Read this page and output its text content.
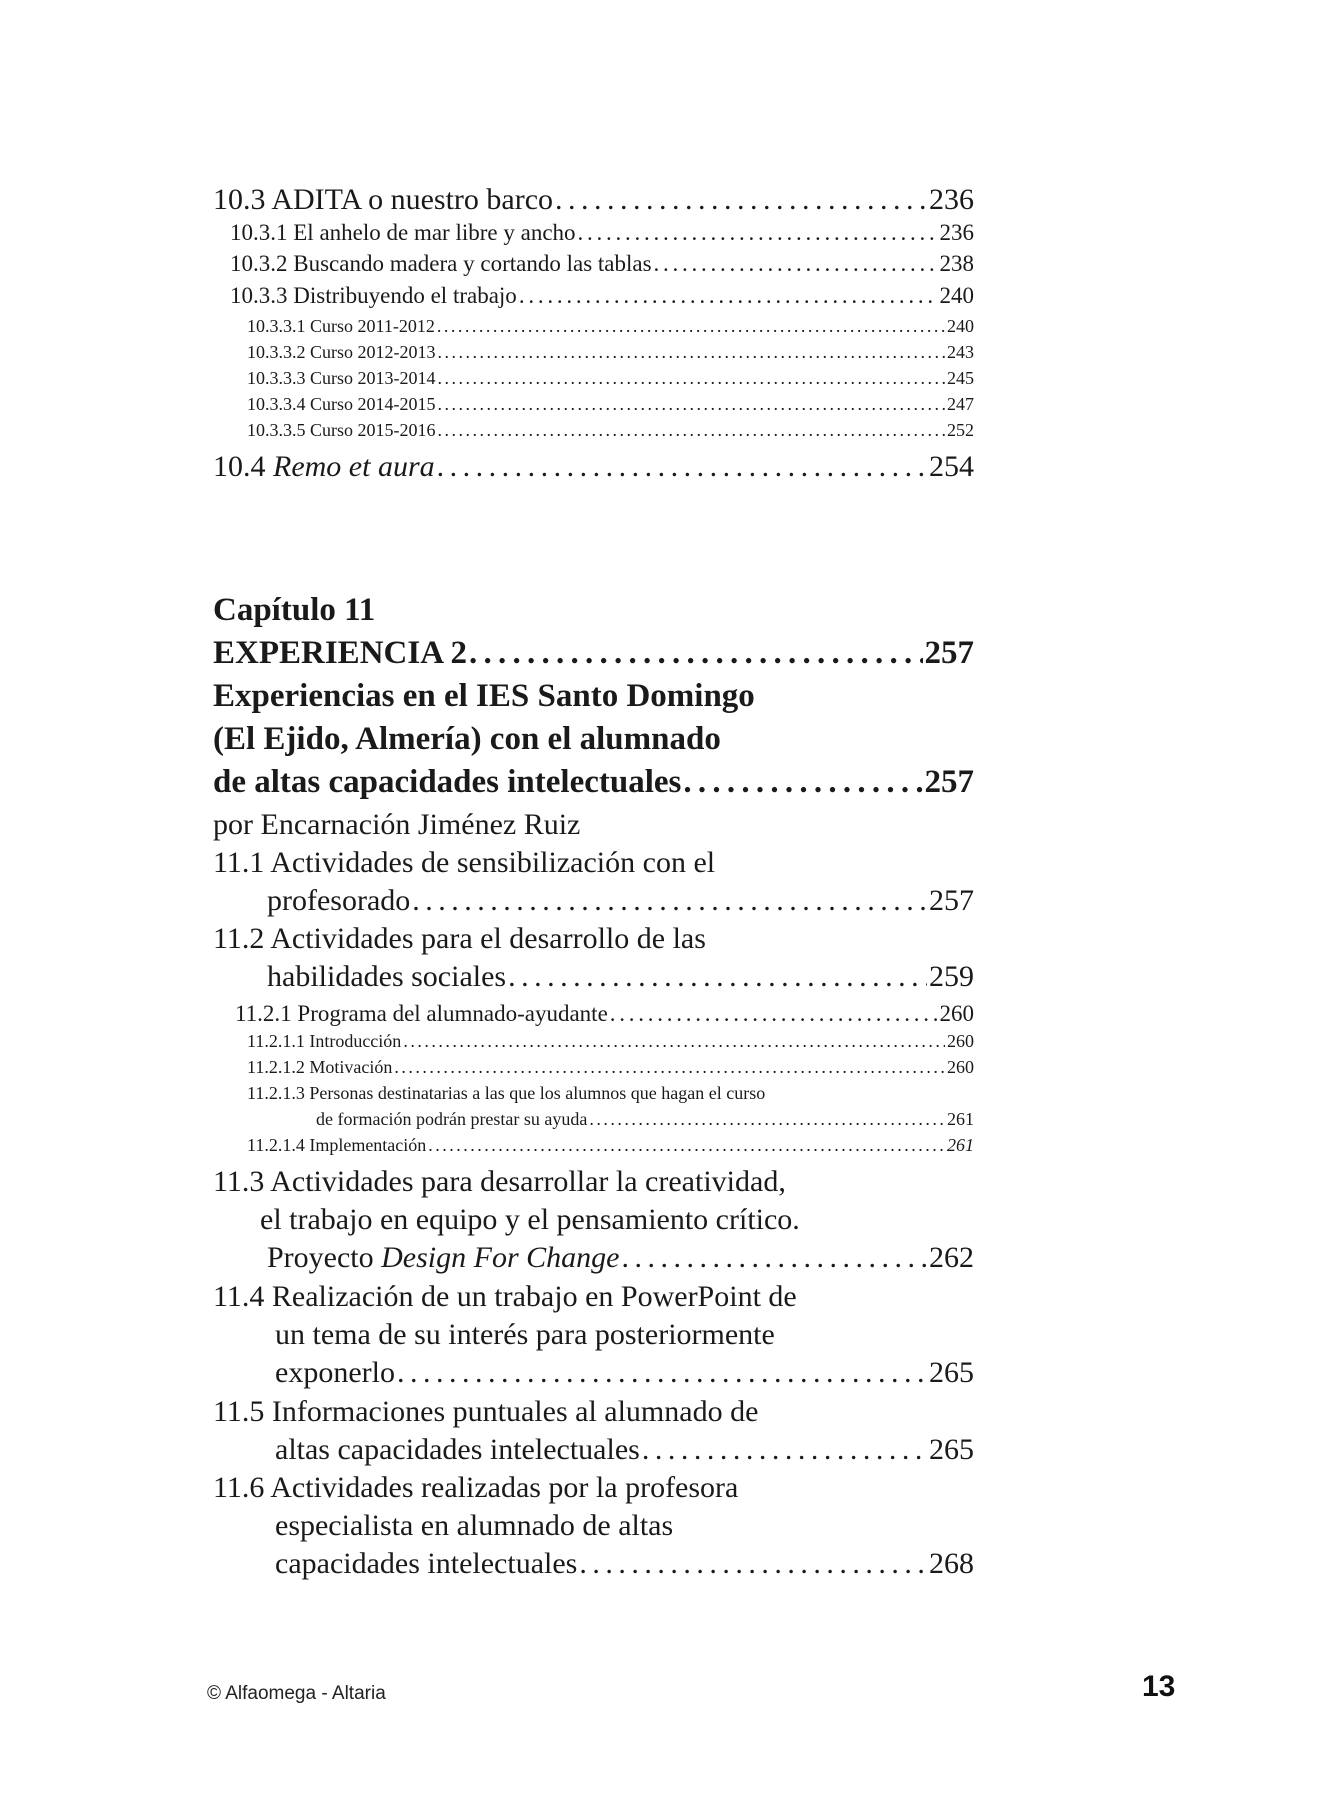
10.3 ADITA o nuestro barco . . .	236
10.3.1 El anhelo de mar libre y ancho . . .	236
10.3.2 Buscando madera y cortando las tablas . . .	238
10.3.3 Distribuyendo el trabajo . . .	240
10.3.3.1 Curso 2011-2012 . . .	240
10.3.3.2 Curso 2012-2013 . . .	243
10.3.3.3 Curso 2013-2014 . . .	245
10.3.3.4 Curso 2014-2015 . . .	247
10.3.3.5 Curso 2015-2016 . . .	252
10.4 Remo et aura . . .	254
Capítulo 11
EXPERIENCIA 2 . . .	257
Experiencias en el IES Santo Domingo
(El Ejido, Almería) con el alumnado
de altas capacidades intelectuales . . .	257
por Encarnación Jiménez Ruiz
11.1 Actividades de sensibilización con el
profesorado . . .	257
11.2 Actividades para el desarrollo de las
habilidades sociales . . .	259
11.2.1 Programa del alumnado-ayudante . . .	260
11.2.1.1 Introducción . . .	260
11.2.1.2 Motivación . . .	260
11.2.1.3 Personas destinatarias a las que los alumnos que hagan el curso
de formación podrán prestar su ayuda . . .	261
11.2.1.4 Implementación . . .	261
11.3 Actividades para desarrollar la creatividad,
el trabajo en equipo y el pensamiento crítico.
Proyecto Design For Change . . .	262
11.4 Realización de un trabajo en PowerPoint de
un tema de su interés para posteriormente
exponerlo . . .	265
11.5 Informaciones puntuales al alumnado de
altas capacidades intelectuales . . .	265
11.6 Actividades realizadas por la profesora
especialista en alumnado de altas
capacidades intelectuales . . .	268
© Alfaomega - Altaria	13
